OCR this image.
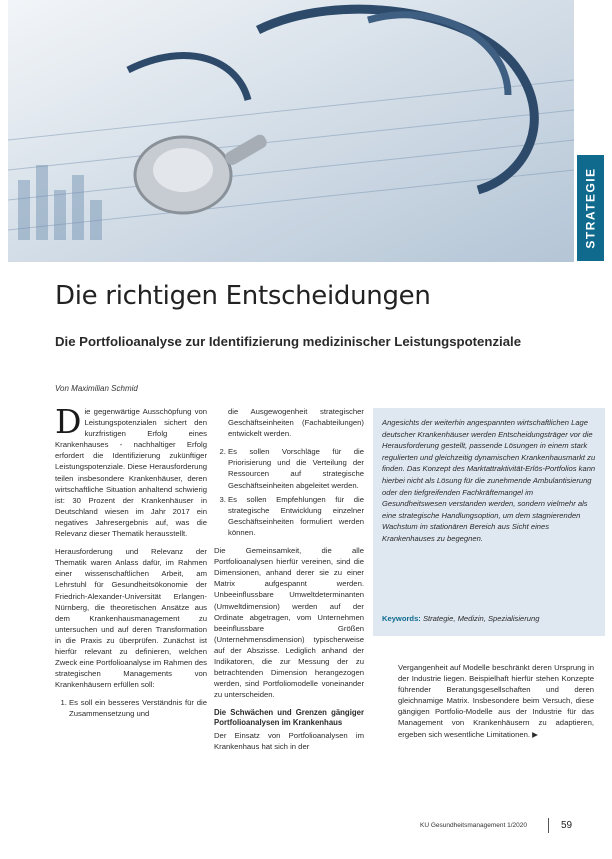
STRATEGIE
Die richtigen Entscheidungen

Die Portfolioanalyse zur Identifizierung medizinischer Leistungspotenziale

Von Maximilian Schmid

Die gegenwärtige Ausschöpfung von Leistungspotenzialen sichert den kurzfristigen Erfolg eines Krankenhauses - nachhaltiger Erfolg erfordert die Identifizierung zukünftiger Leistungspotenziale. Diese Herausforderung teilen insbesondere Krankenhäuser, deren wirtschaftliche Situation anhaltend schwierig ist: 30 Prozent der Krankenhäuser in Deutschland wiesen im Jahr 2017 ein negatives Jahresergebnis auf, was die Relevanz dieser Thematik herausstellt.

Herausforderung und Relevanz der Thematik waren Anlass dafür, im Rahmen einer wissenschaftlichen Arbeit, am Lehrstuhl für Gesundheitsökonomie der Friedrich-Alexander-Universität Erlangen-Nürnberg, die theoretischen Ansätze aus dem Krankenhausmanagement zu untersuchen und auf deren Transformation in die Praxis zu überprüfen. Zunächst ist hierfür relevant zu definieren, welchen Zweck eine Portfolioanalyse im Rahmen des strategischen Managements von Krankenhäusern erfüllen soll:

1. Es soll ein besseres Verständnis für die Zusammensetzung und

die Ausgewogenheit strategischer Geschäftseinheiten (Fachabteilungen) entwickelt werden.

2. Es sollen Vorschläge für die Priorisierung und die Verteilung der Ressourcen auf strategische Geschäftseinheiten abgeleitet werden.
3. Es sollen Empfehlungen für die strategische Entwicklung einzelner Geschäftseinheiten formuliert werden können.

Die Gemeinsamkeit, die alle Portfolioanalysen hierfür vereinen, sind die Dimensionen, anhand derer sie zu einer Matrix aufgespannt werden. Unbeeinflussbare Umweltdeterminanten (Umweltdimension) werden auf der Ordinate abgetragen, vom Unternehmen beeinflussbare Größen (Unternehmensdimension) typischerweise auf der Abszisse. Lediglich anhand der Indikatoren, die zur Messung der zu betrachtenden Dimension herangezogen werden, sind Portfoliomodelle voneinander zu unterscheiden.

Die Schwächen und Grenzen gängiger Portfolioanalysen im Krankenhaus

Der Einsatz von Portfolioanalysen im Krankenhaus hat sich in der

Angesichts der weiterhin angespannten wirtschaftlichen Lage deutscher Krankenhäuser werden Entscheidungsträger vor die Herausforderung gestellt, passende Lösungen in einem stark regulierten und gleichzeitig dynamischen Krankenhausmarkt zu finden. Das Konzept des Marktattraktivität-Erlös-Portfolios kann hierbei nicht als Lösung für die zunehmende Ambulantisierung oder den tiefgreifenden Fachkräftemangel im Gesundheitswesen verstanden werden, sondern vielmehr als eine strategische Handlungsoption, um dem stagnierenden Wachstum im stationären Bereich aus Sicht eines Krankenhauses zu begegnen.
Keywords: Strategie, Medizin, Spezialisierung

Vergangenheit auf Modelle beschränkt deren Ursprung in der Industrie liegen. Beispielhaft hierfür stehen Konzepte führender Beratungsgesellschaften und deren gleichnamige Matrix. Insbesondere beim Versuch, diese gängigen Portfolio-Modelle aus der Industrie für das Management von Krankenhäusern zu adaptieren, ergeben sich wesentliche Limitationen. ▶

KU Gesundheitsmanagement 1/2020	59
